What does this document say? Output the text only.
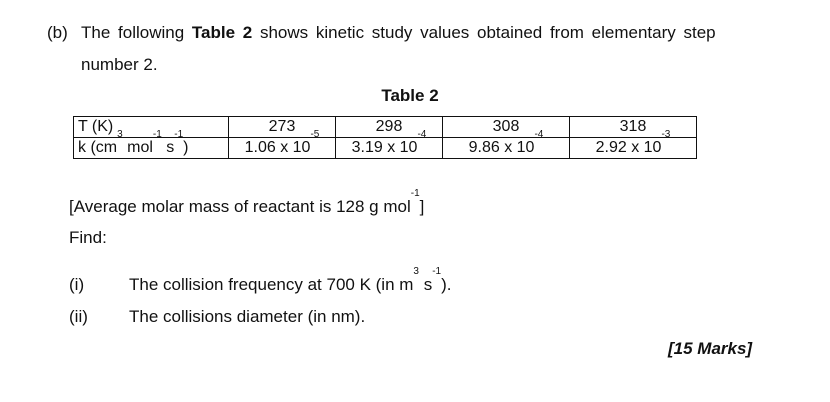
(b) The following Table 2 shows kinetic study values obtained from elementary step
number 2.
Table 2
T (K)	273	298	308	318
k ($cm^3$ mol$^{-1}$ $s^{-1}$)	1.06 x $10^{-5}$	3.19 x $10^{-4}$	9.86 x $10^{-4}$	2.92 x $10^{-3}$
[Average molar mass of reactant is 128 g mol$^{-1}$]
Find:
(i)	The collision frequency at 700 K (in $m^3$ $s^{-1}$).
(ii) The collisions diameter (in nm).
[15 Marks]
